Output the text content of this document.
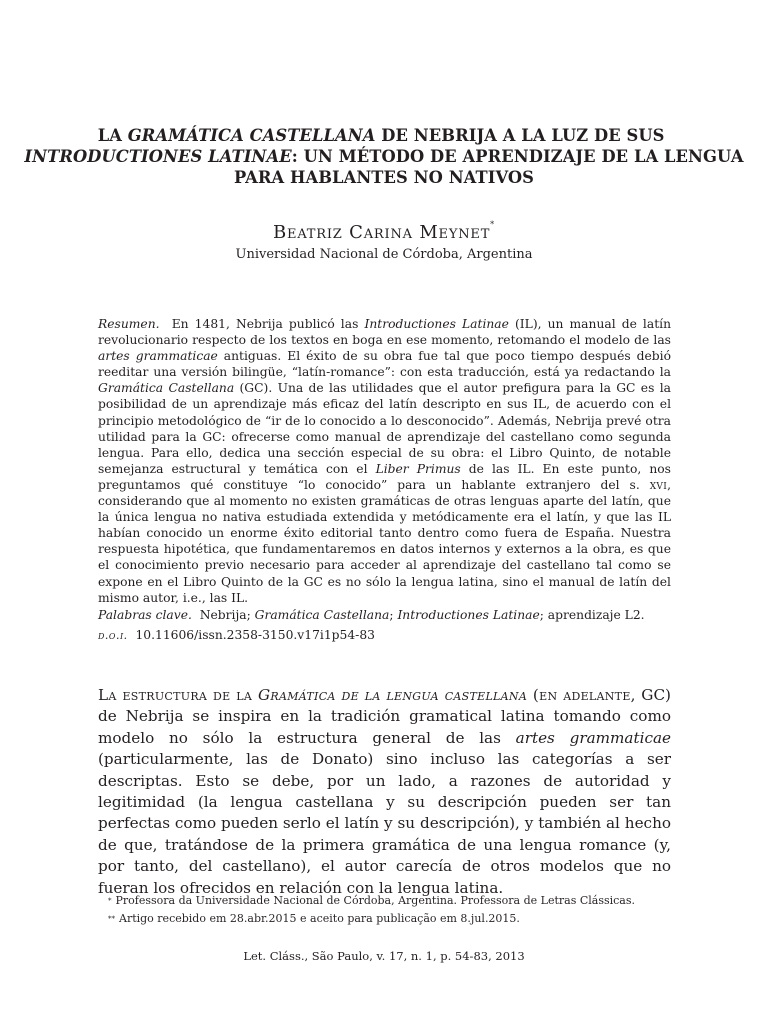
LA GRAMÁTICA CASTELLANA DE NEBRIJA A LA LUZ DE SUS
INTRODUCTIONES LATINAE: UN MÉTODO DE APRENDIZAJE DE LA LENGUA PARA HABLANTES NO NATIVOS
Beatriz Carina Meynet*
Universidad Nacional de Córdoba, Argentina

Resumen.  En 1481, Nebrija publicó las Introductiones Latinae (IL), un manual de latín revolucionario respecto de los textos en boga en ese momento, retomando el modelo de las artes grammaticae antiguas. El éxito de su obra fue tal que poco tiempo después debió reeditar una versión bilingüe, “latín-romance”: con esta traducción, está ya redactando la Gramática Castellana (GC). Una de las utilidades que el autor prefigura para la GC es la posibilidad de un aprendizaje más eficaz del latín descripto en sus IL, de acuerdo con el principio metodológico de “ir de lo conocido a lo desconocido”. Además, Nebrija prevé otra utilidad para la GC: ofrecerse como manual de aprendizaje del castellano como segunda lengua. Para ello, dedica una sección especial de su obra: el Libro Quinto, de notable semejanza estructural y temática con el Liber Primus de las IL. En este punto, nos preguntamos qué constituye “lo conocido” para un hablante extranjero del s. xvi, considerando que al momento no existen gramáticas de otras lenguas aparte del latín, que la única lengua no nativa estudiada extendida y metódicamente era el latín, y que las IL habían conocido un enorme éxito editorial tanto dentro como fuera de España. Nuestra respuesta hipotética, que fundamentaremos en datos internos y externos a la obra, es que el conocimiento previo necesario para acceder al aprendizaje del castellano tal como se expone en el Libro Quinto de la GC es no sólo la lengua latina, sino el manual de latín del mismo autor, i.e., las IL.

Palabras clave.  Nebrija; Gramática Castellana; Introductiones Latinae; aprendizaje L2.
d.o.i.  10.11606/issn.2358-3150.v17i1p54-83

La estructura de la Gramática de la lengua castellana (en adelante, GC) de Nebrija se inspira en la tradición gramatical latina tomando como modelo no sólo la estructura general de las artes grammaticae (particularmente, las de Donato) sino incluso las categorías a ser descriptas. Esto se debe, por un lado, a razones de autoridad y legitimidad (la lengua castellana y su descripción pueden ser tan perfectas como pueden serlo el latín y su descripción), y también al hecho de que, tratándose de la primera gramática de una lengua romance (y, por tanto, del castellano), el autor carecía de otros modelos que no fueran los ofrecidos en relación con la lengua latina.

* Professora da Universidade Nacional de Córdoba, Argentina. Professora de Letras Clássicas.
** Artigo recebido em 28.abr.2015 e aceito para publicação em 8.jul.2015.
Let. Cláss., São Paulo, v. 17, n. 1, p. 54-83, 2013
